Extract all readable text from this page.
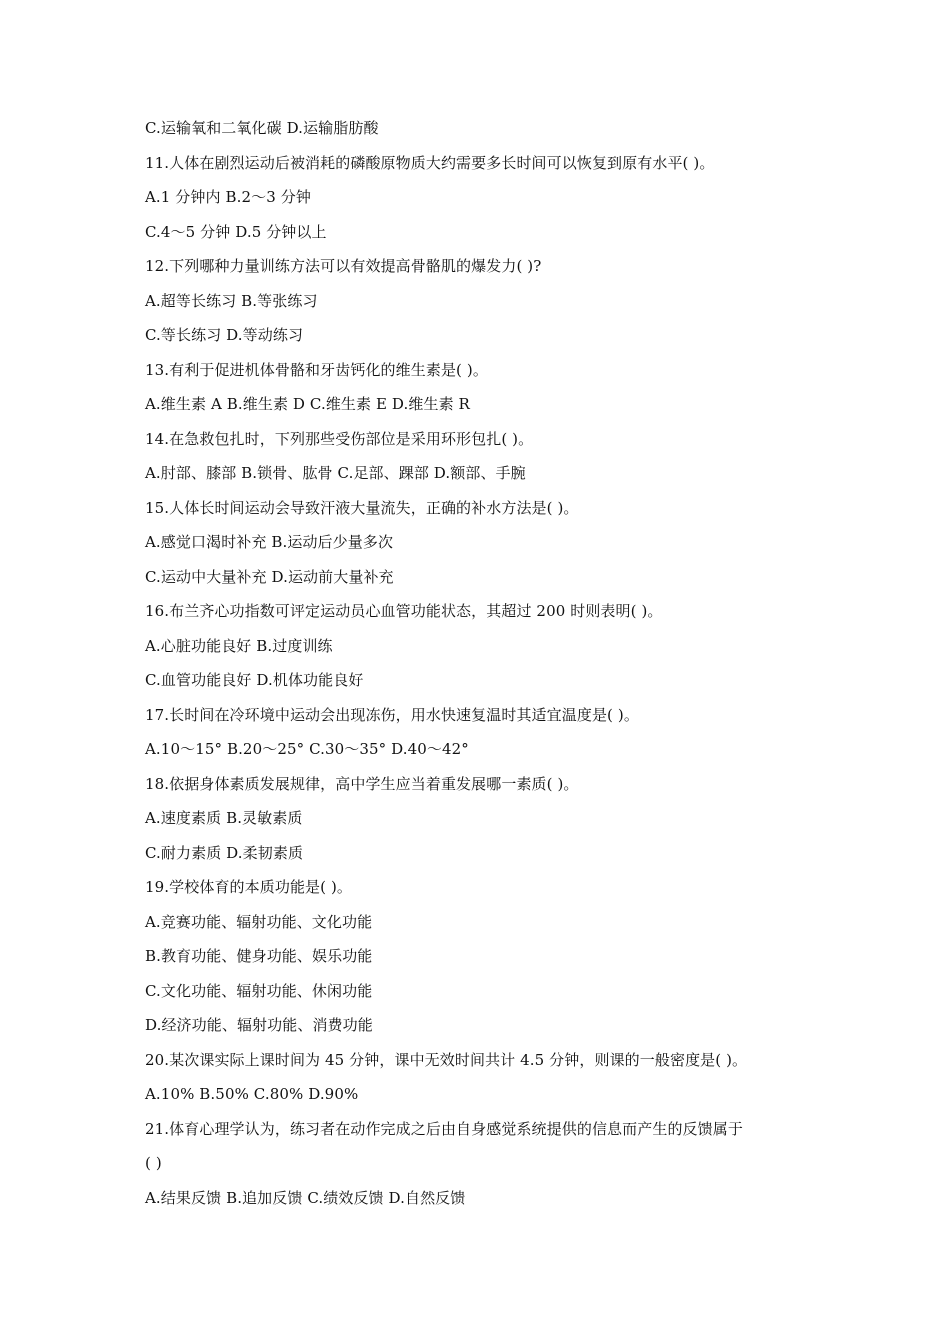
C.运输氧和二氧化碳 D.运输脂肪酸
11.人体在剧烈运动后被消耗的磷酸原物质大约需要多长时间可以恢复到原有水平( )。
A.1 分钟内 B.2～3 分钟
C.4～5 分钟 D.5 分钟以上
12.下列哪种力量训练方法可以有效提高骨骼肌的爆发力( )?
A.超等长练习 B.等张练习
C.等长练习 D.等动练习
13.有利于促进机体骨骼和牙齿钙化的维生素是( )。
A.维生素 A B.维生素 D C.维生素 E D.维生素 R
14.在急救包扎时，下列那些受伤部位是采用环形包扎( )。
A.肘部、膝部 B.锁骨、肱骨 C.足部、踝部 D.额部、手腕
15.人体长时间运动会导致汗液大量流失，正确的补水方法是( )。
A.感觉口渴时补充 B.运动后少量多次
C.运动中大量补充 D.运动前大量补充
16.布兰齐心功指数可评定运动员心血管功能状态，其超过 200 时则表明( )。
A.心脏功能良好 B.过度训练
C.血管功能良好 D.机体功能良好
17.长时间在冷环境中运动会出现冻伤，用水快速复温时其适宜温度是( )。
A.10～15° B.20～25° C.30～35° D.40～42°
18.依据身体素质发展规律，高中学生应当着重发展哪一素质( )。
A.速度素质 B.灵敏素质
C.耐力素质 D.柔韧素质
19.学校体育的本质功能是( )。
A.竞赛功能、辐射功能、文化功能
B.教育功能、健身功能、娱乐功能
C.文化功能、辐射功能、休闲功能
D.经济功能、辐射功能、消费功能
20.某次课实际上课时间为 45 分钟，课中无效时间共计 4.5 分钟，则课的一般密度是( )。
A.10% B.50% C.80% D.90%
21.体育心理学认为，练习者在动作完成之后由自身感觉系统提供的信息而产生的反馈属于
( )
A.结果反馈 B.追加反馈 C.绩效反馈 D.自然反馈
